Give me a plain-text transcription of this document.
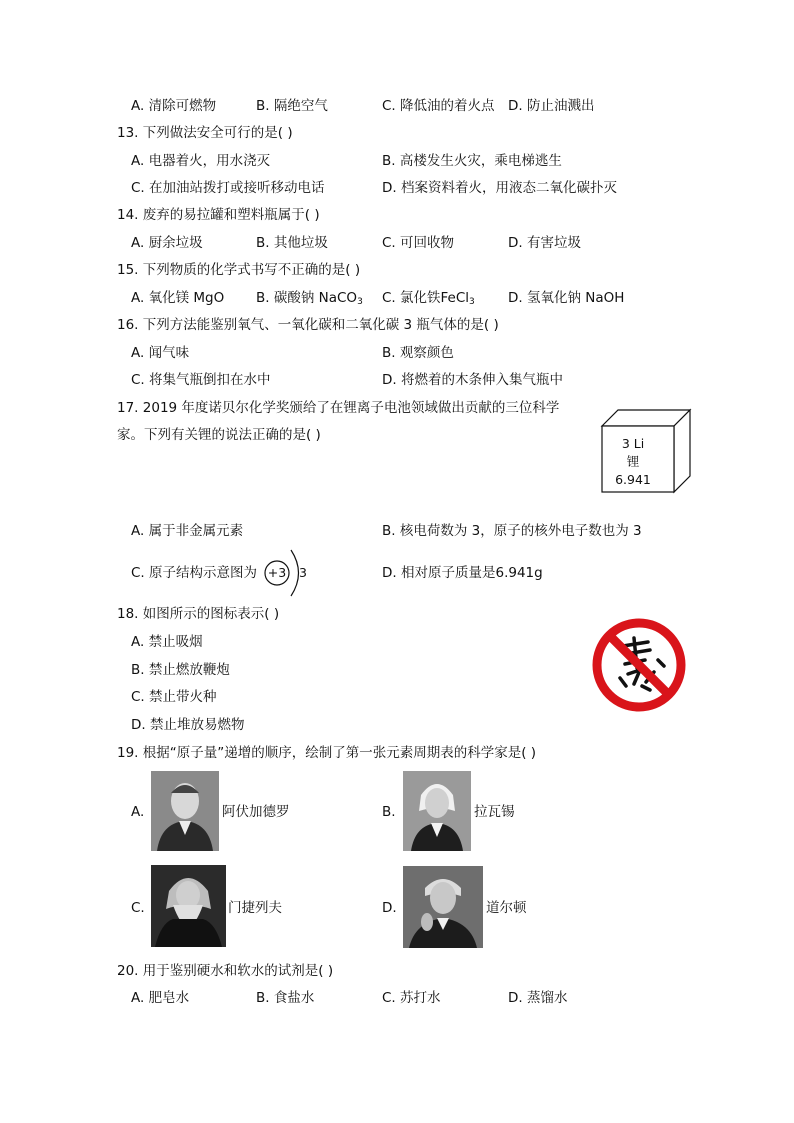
A. 清除可燃物	B. 隔绝空气	C. 降低油的着火点 D. 防止油溅出
13. 下列做法安全可行的是( )
A. 电器着火，用水浇灭	B. 高楼发生火灾，乘电梯逃生
C. 在加油站拨打或接听移动电话	D. 档案资料着火，用液态二氧化碳扑灭
14. 废弃的易拉罐和塑料瓶属于( )
A. 厨余垃圾	B. 其他垃圾	C. 可回收物	D. 有害垃圾
15. 下列物质的化学式书写不正确的是( )
A. 氧化镁 MgO B. 碳酸钠 NaCO$_3$ C. 氯化铁FeCl$_3$ D. 氢氧化钠 NaOH
16. 下列方法能鉴别氧气、一氧化碳和二氧化碳 3 瓶气体的是( )
A. 闻气味	B. 观察颜色
C. 将集气瓶倒扣在水中	D. 将燃着的木条伸入集气瓶中
17. 2019 年度诺贝尔化学奖颁给了在锂离子电池领域做出贡献的三位科学
家。下列有关锂的说法正确的是( )
3 Li
锂
6.941
A. 属于非金属元素	B. 核电荷数为 3，原子的核外电子数也为 3
C. 原子结构示意图为	D. 相对原子质量是6.941g
+3 3
18. 如图所示的图标表示( )
A. 禁止吸烟
B. 禁止燃放鞭炮
C. 禁止带火种
D. 禁止堆放易燃物
19. 根据“原子量”递增的顺序，绘制了第一张元素周期表的科学家是( )
A.	阿伏加德罗	B.	拉瓦锡
C.	门捷列夫	D.	道尔顿
20. 用于鉴别硬水和软水的试剂是( )
A. 肥皂水	B. 食盐水	C. 苏打水	D. 蒸馏水
